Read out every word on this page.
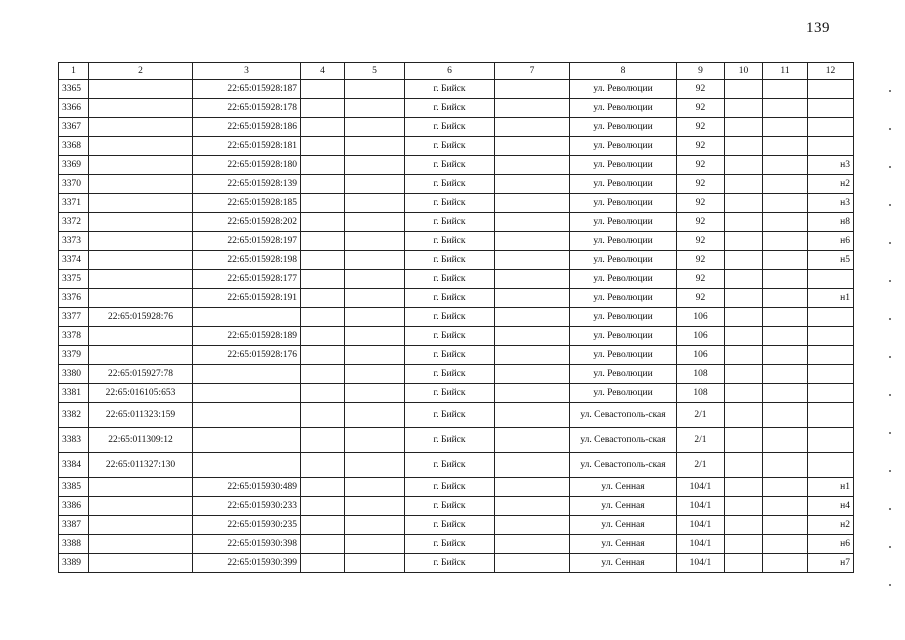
139
1	2	3	4	5	6	7	8	9	10	11	12
3365		22:65:015928:187			г. Бийск		ул. Революции	92			
3366		22:65:015928:178			г. Бийск		ул. Революции	92			
3367		22:65:015928:186			г. Бийск		ул. Революции	92			
3368		22:65:015928:181			г. Бийск		ул. Революции	92			
3369		22:65:015928:180			г. Бийск		ул. Революции	92			н3
3370		22:65:015928:139			г. Бийск		ул. Революции	92			н2
3371		22:65:015928:185			г. Бийск		ул. Революции	92			н3
3372		22:65:015928:202			г. Бийск		ул. Революции	92			н8
3373		22:65:015928:197			г. Бийск		ул. Революции	92			н6
3374		22:65:015928:198			г. Бийск		ул. Революции	92			н5
3375		22:65:015928:177			г. Бийск		ул. Революции	92			
3376		22:65:015928:191			г. Бийск		ул. Революции	92			н1
3377	22:65:015928:76				г. Бийск		ул. Революции	106			
3378		22:65:015928:189			г. Бийск		ул. Революции	106			
3379		22:65:015928:176			г. Бийск		ул. Революции	106			
3380	22:65:015927:78				г. Бийск		ул. Революции	108			
3381	22:65:016105:653				г. Бийск		ул. Революции	108			
3382	22:65:011323:159				г. Бийск		ул. Севастополь-ская	2/1			
3383	22:65:011309:12				г. Бийск		ул. Севастополь-ская	2/1			
3384	22:65:011327:130				г. Бийск		ул. Севастополь-ская	2/1			
3385		22:65:015930:489			г. Бийск		ул. Сенная	104/1			н1
3386		22:65:015930:233			г. Бийск		ул. Сенная	104/1			н4
3387		22:65:015930:235			г. Бийск		ул. Сенная	104/1			н2
3388		22:65:015930:398			г. Бийск		ул. Сенная	104/1			н6
3389		22:65:015930:399			г. Бийск		ул. Сенная	104/1			н7
